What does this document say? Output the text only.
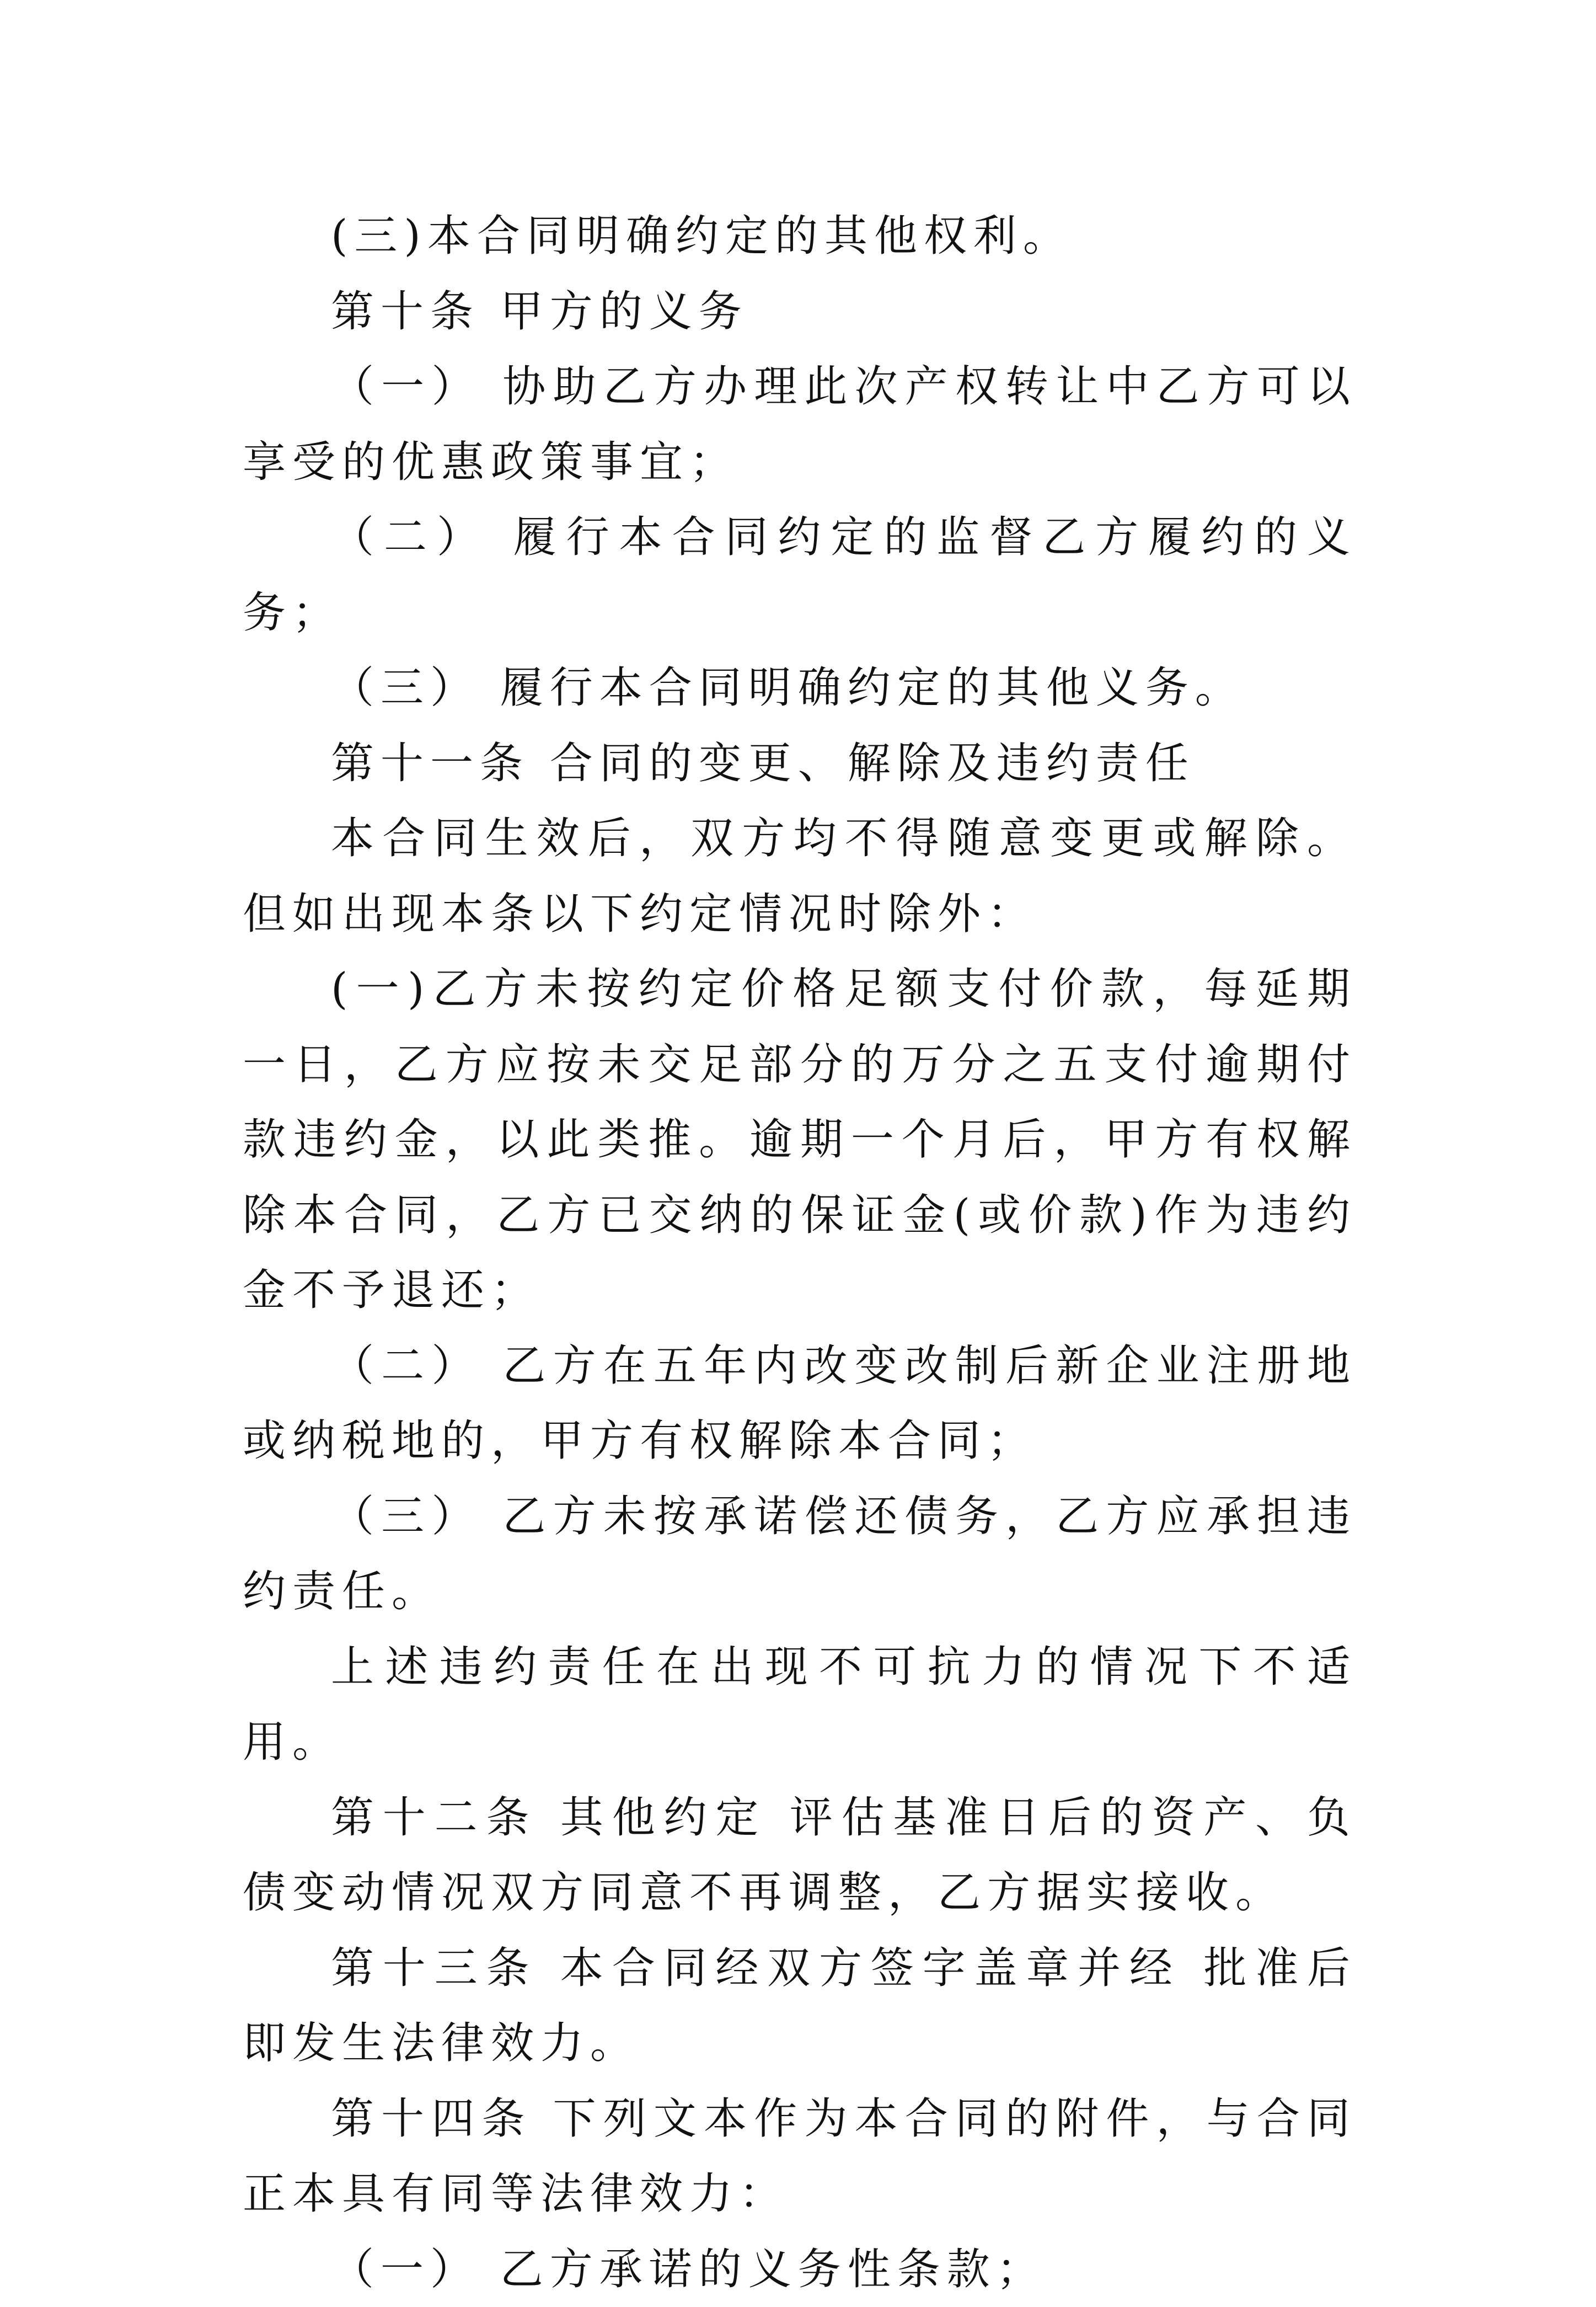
(三)本合同明确约定的其他权利。

第十条 甲方的义务

（一） 协助乙方办理此次产权转让中乙方可以享受的优惠政策事宜；

（二） 履行本合同约定的监督乙方履约的义务；

（三） 履行本合同明确约定的其他义务。

第十一条 合同的变更、解除及违约责任

本合同生效后，双方均不得随意变更或解除。但如出现本条以下约定情况时除外：

(一)乙方未按约定价格足额支付价款，每延期一日，乙方应按未交足部分的万分之五支付逾期付款违约金，以此类推。逾期一个月后，甲方有权解除本合同，乙方已交纳的保证金(或价款)作为违约金不予退还；

（二） 乙方在五年内改变改制后新企业注册地或纳税地的，甲方有权解除本合同；

（三） 乙方未按承诺偿还债务，乙方应承担违约责任。

上述违约责任在出现不可抗力的情况下不适用。

第十二条 其他约定 评估基准日后的资产、负债变动情况双方同意不再调整，乙方据实接收。

第十三条 本合同经双方签字盖章并经 批准后即发生法律效力。

第十四条 下列文本作为本合同的附件，与合同正本具有同等法律效力：

（一） 乙方承诺的义务性条款；
